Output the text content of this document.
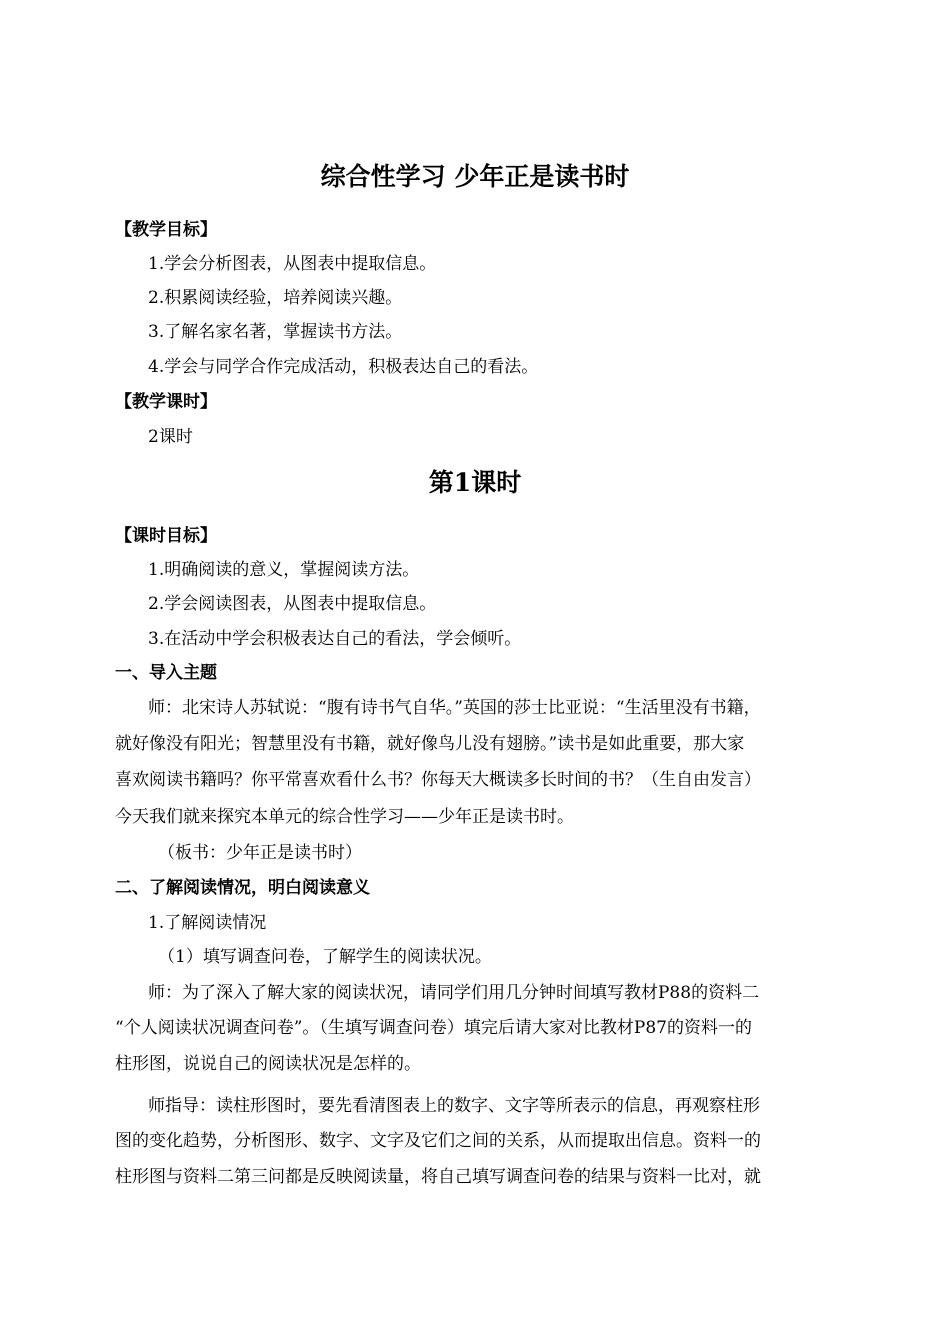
综合性学习 少年正是读书时
【教学目标】
1.学会分析图表，从图表中提取信息。
2.积累阅读经验，培养阅读兴趣。
3.了解名家名著，掌握读书方法。
4.学会与同学合作完成活动，积极表达自己的看法。
【教学课时】
2课时
第1课时
【课时目标】
1.明确阅读的意义，掌握阅读方法。
2.学会阅读图表，从图表中提取信息。
3.在活动中学会积极表达自己的看法，学会倾听。
一、导入主题
师：北宋诗人苏轼说：“腹有诗书气自华。”英国的莎士比亚说：“生活里没有书籍，
就好像没有阳光；智慧里没有书籍，就好像鸟儿没有翅膀。”读书是如此重要，那大家
喜欢阅读书籍吗？你平常喜欢看什么书？你每天大概读多长时间的书？（生自由发言）
今天我们就来探究本单元的综合性学习——少年正是读书时。
（板书：少年正是读书时）
二、了解阅读情况，明白阅读意义
1.了解阅读情况
（1）填写调查问卷，了解学生的阅读状况。
师：为了深入了解大家的阅读状况，请同学们用几分钟时间填写教材P88的资料二
“个人阅读状况调查问卷”。（生填写调查问卷）填完后请大家对比教材P87的资料一的
柱形图，说说自己的阅读状况是怎样的。
师指导：读柱形图时，要先看清图表上的数字、文字等所表示的信息，再观察柱形
图的变化趋势，分析图形、数字、文字及它们之间的关系，从而提取出信息。资料一的
柱形图与资料二第三问都是反映阅读量，将自己填写调查问卷的结果与资料一比对，就
